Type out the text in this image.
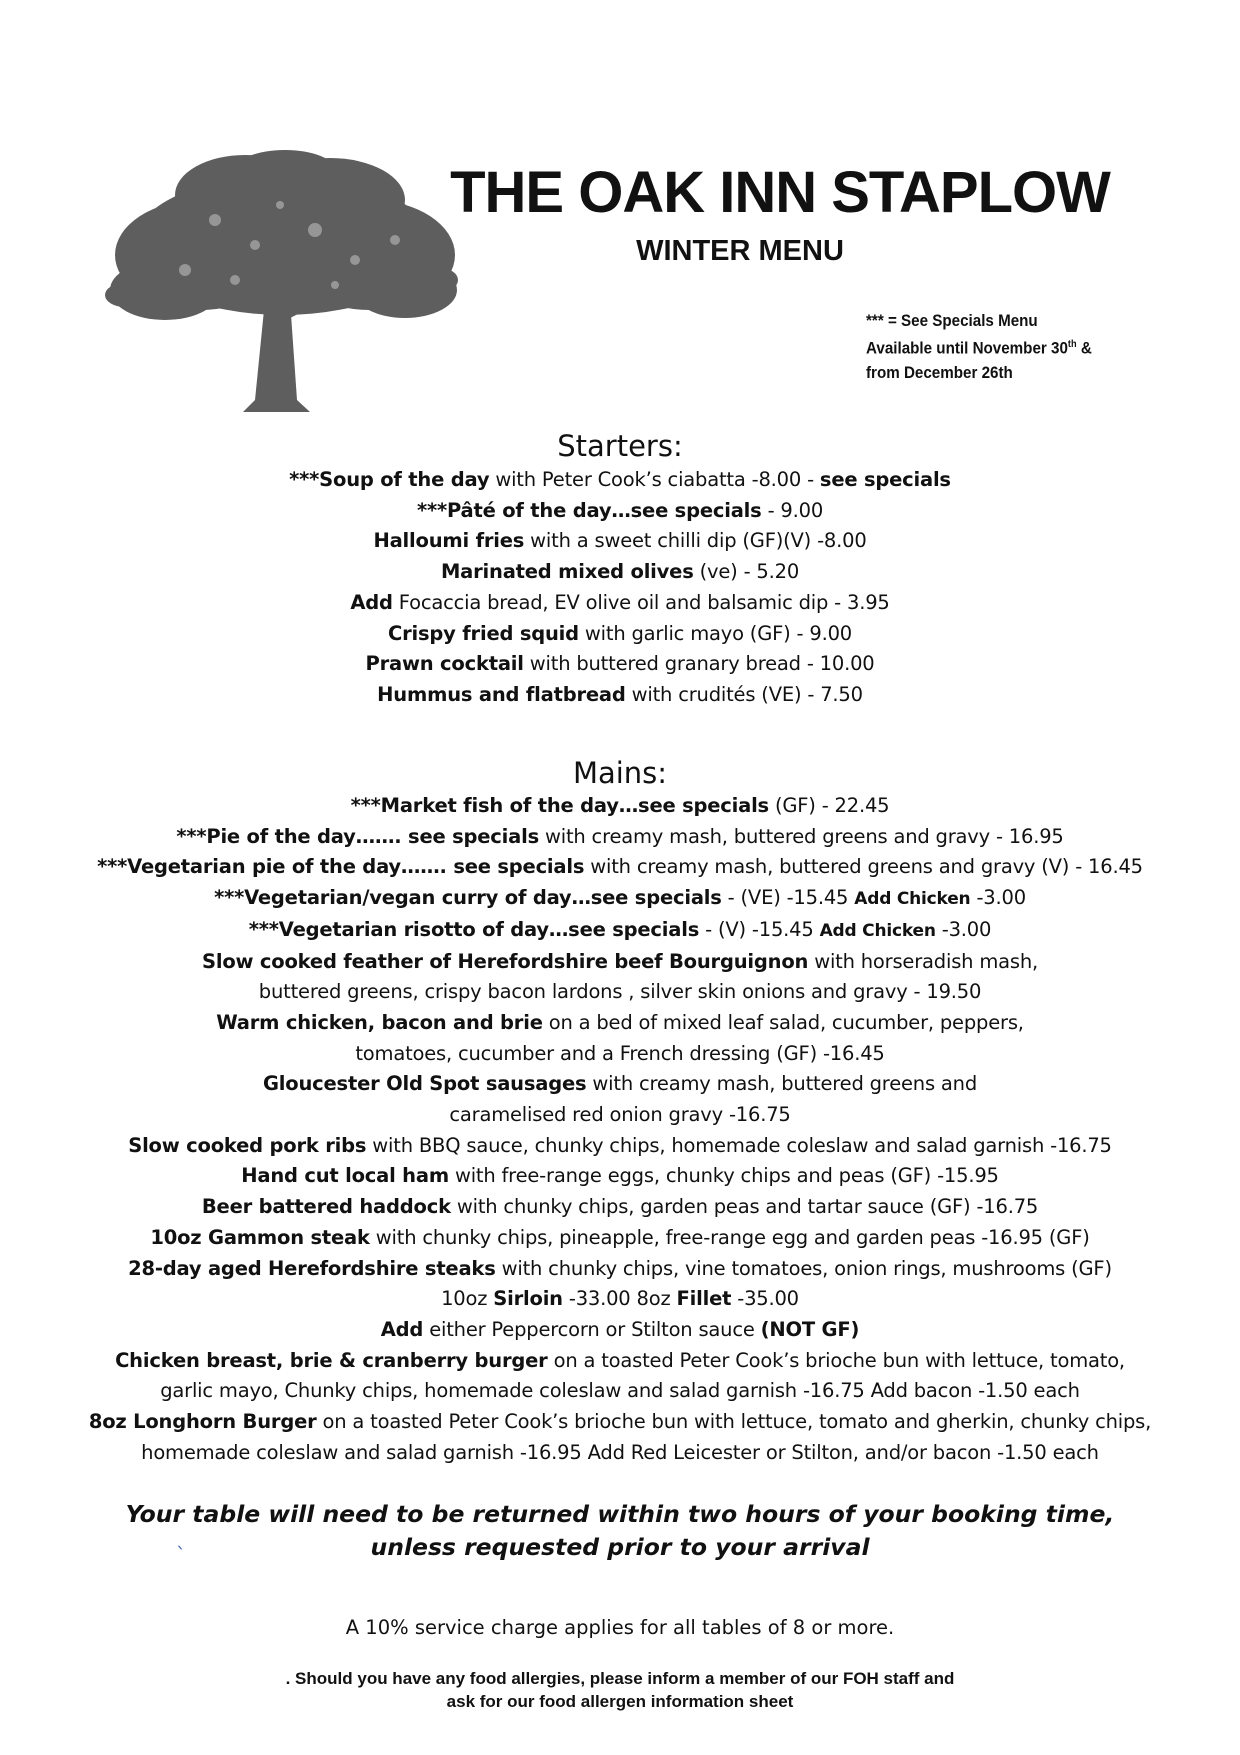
THE OAK INN STAPLOW
WINTER MENU
*** = See Specials Menu
Available until November 30th &
from December 26th
Starters:

***Soup of the day with Peter Cook’s ciabatta -8.00 - see specials

***Pâté of the day…see specials - 9.00

Halloumi fries with a sweet chilli dip (GF)(V) -8.00

Marinated mixed olives (ve) - 5.20

Add Focaccia bread, EV olive oil and balsamic dip - 3.95

Crispy fried squid with garlic mayo (GF) - 9.00

Prawn cocktail with buttered granary bread - 10.00

Hummus and flatbread with crudités (VE) - 7.50

Mains:

***Market fish of the day…see specials (GF) - 22.45

***Pie of the day……. see specials with creamy mash, buttered greens and gravy - 16.95

***Vegetarian pie of the day……. see specials with creamy mash, buttered greens and gravy (V) - 16.45

***Vegetarian/vegan curry of day…see specials - (VE) -15.45 Add Chicken -3.00

***Vegetarian risotto of day…see specials - (V) -15.45 Add Chicken -3.00

Slow cooked feather of Herefordshire beef Bourguignon with horseradish mash,

buttered greens, crispy bacon lardons , silver skin onions and gravy - 19.50

Warm chicken, bacon and brie on a bed of mixed leaf salad, cucumber, peppers,

tomatoes, cucumber and a French dressing (GF) -16.45

Gloucester Old Spot sausages with creamy mash, buttered greens and

caramelised red onion gravy -16.75

Slow cooked pork ribs with BBQ sauce, chunky chips, homemade coleslaw and salad garnish -16.75

Hand cut local ham with free-range eggs, chunky chips and peas (GF) -15.95

Beer battered haddock with chunky chips, garden peas and tartar sauce (GF) -16.75

10oz Gammon steak with chunky chips, pineapple, free-range egg and garden peas -16.95 (GF)

28-day aged Herefordshire steaks with chunky chips, vine tomatoes, onion rings, mushrooms (GF)

10oz Sirloin -33.00 8oz Fillet -35.00

Add either Peppercorn or Stilton sauce (NOT GF)

Chicken breast, brie & cranberry burger on a toasted Peter Cook’s brioche bun with lettuce, tomato,

garlic mayo, Chunky chips, homemade coleslaw and salad garnish -16.75 Add bacon -1.50 each

8oz Longhorn Burger on a toasted Peter Cook’s brioche bun with lettuce, tomato and gherkin, chunky chips,

homemade coleslaw and salad garnish -16.95 Add Red Leicester or Stilton, and/or bacon -1.50 each

Your table will need to be returned within two hours of your booking time,
unless requested prior to your arrival
`
A 10% service charge applies for all tables of 8 or more.
. Should you have any food allergies, please inform a member of our FOH staff and
ask for our food allergen information sheet
